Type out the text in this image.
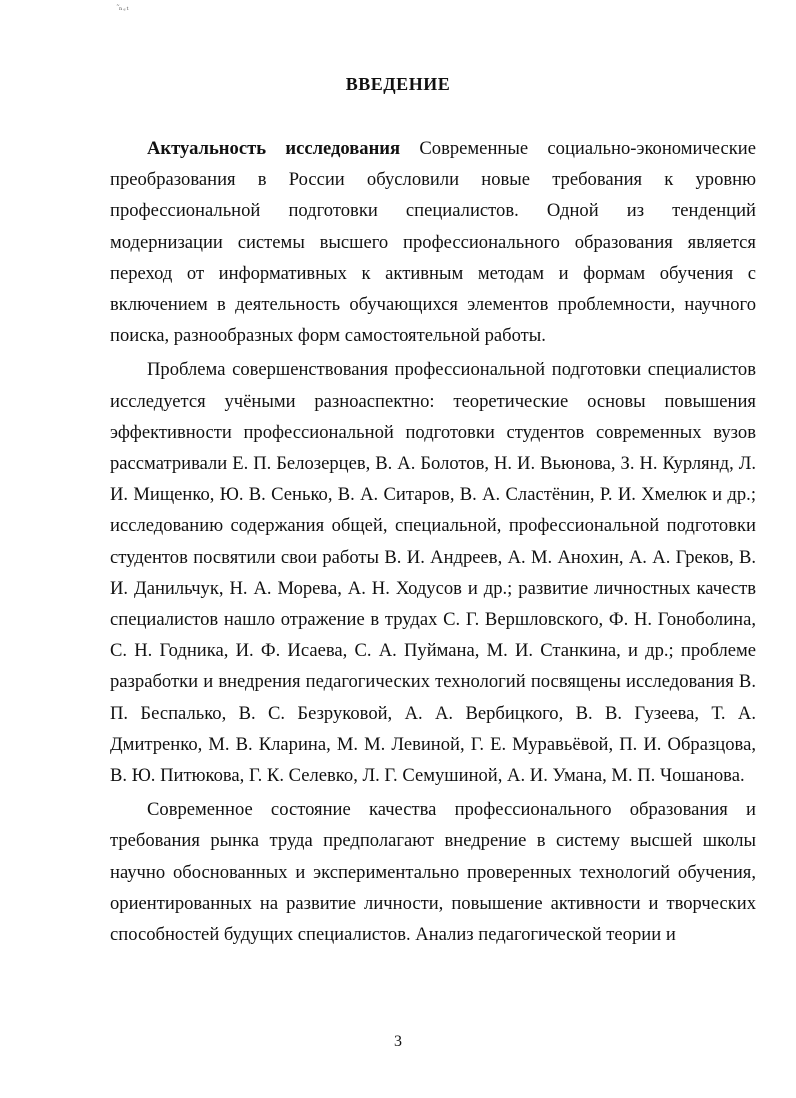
͂ₙₑₜ
ВВЕДЕНИЕ

Актуальность исследования Современные социально-экономические преобразования в России обусловили новые требования к уровню профессиональной подготовки специалистов. Одной из тенденций модернизации системы высшего профессионального образования является переход от информативных к активным методам и формам обучения с включением в деятельность обучающихся элементов проблемности, научного поиска, разнообразных форм самостоятельной работы.

Проблема совершенствования профессиональной подготовки специалистов исследуется учёными разноаспектно: теоретические основы повышения эффективности профессиональной подготовки студентов современных вузов рассматривали Е. П. Белозерцев, В. А. Болотов, Н. И. Вьюнова, З. Н. Курлянд, Л. И. Мищенко, Ю. В. Сенько, В. А. Ситаров, В. А. Сластёнин, Р. И. Хмелюк и др.; исследованию содержания общей, специальной, профессиональной подготовки студентов посвятили свои работы В. И. Андреев, А. М. Анохин, А. А. Греков, В. И. Данильчук, Н. А. Морева, А. Н. Ходусов и др.; развитие личностных качеств специалистов нашло отражение в трудах С. Г. Вершловского, Ф. Н. Гоноболина, С. Н. Годника, И. Ф. Исаева, С. А. Пуймана, М. И. Станкина, и др.; проблеме разработки и внедрения педагогических технологий посвящены исследования В. П. Беспалько, В. С. Безруковой, А. А. Вербицкого, В. В. Гузеева, Т. А. Дмитренко, М. В. Кларина, М. М. Левиной, Г. Е. Муравьёвой, П. И. Образцова, В. Ю. Питюкова, Г. К. Селевко, Л. Г. Семушиной, А. И. Умана, М. П. Чошанова.

Современное состояние качества профессионального образования и требования рынка труда предполагают внедрение в систему высшей школы научно обоснованных и экспериментально проверенных технологий обучения, ориентированных на развитие личности, повышение активности и творческих способностей будущих специалистов. Анализ педагогической теории и

3
